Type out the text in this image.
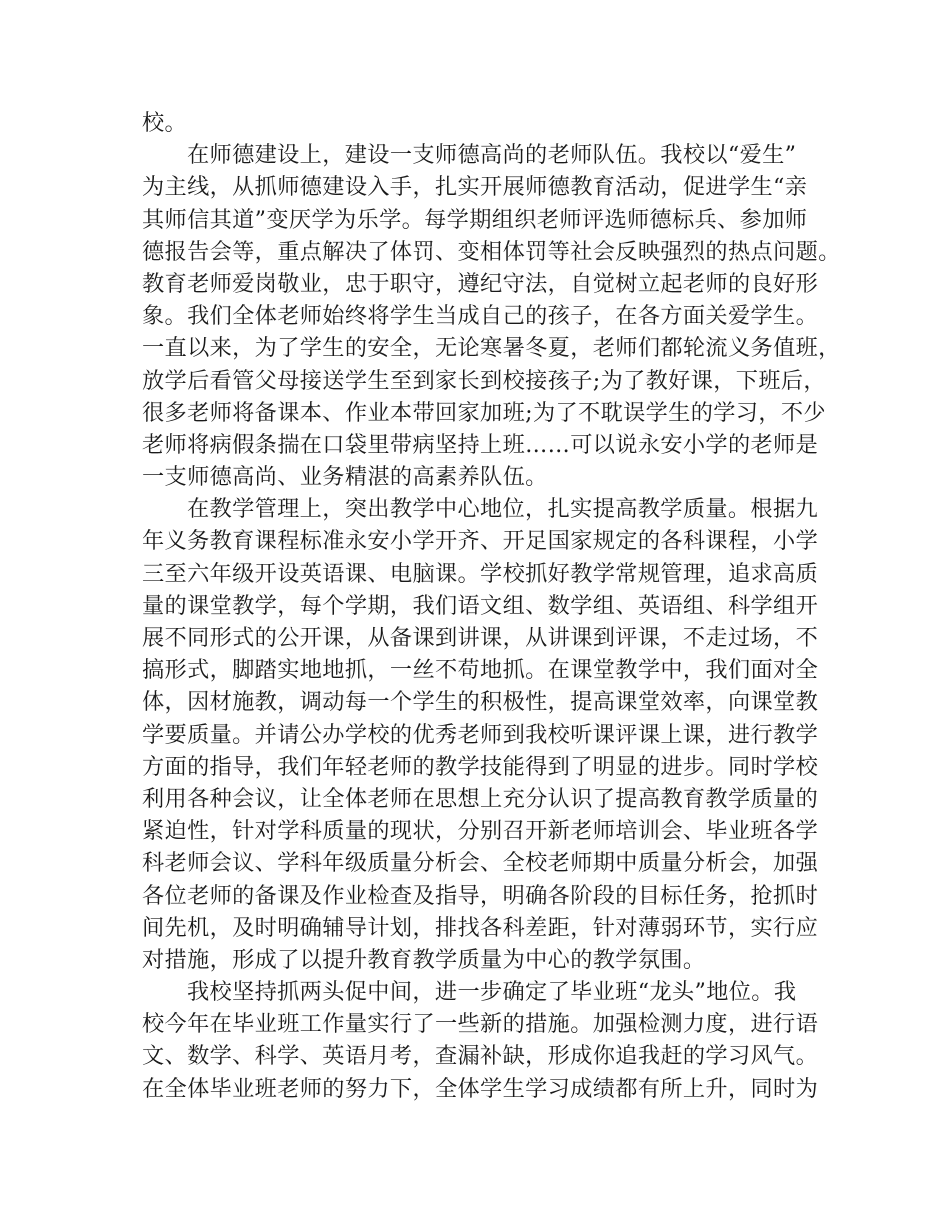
校。
在师德建设上，建设一支师德高尚的老师队伍。我校以“爱生”
为主线，从抓师德建设入手，扎实开展师德教育活动，促进学生“亲
其师信其道”变厌学为乐学。每学期组织老师评选师德标兵、参加师
德报告会等，重点解决了体罚、变相体罚等社会反映强烈的热点问题。
教育老师爱岗敬业，忠于职守，遵纪守法，自觉树立起老师的良好形
象。我们全体老师始终将学生当成自己的孩子，在各方面关爱学生。
一直以来，为了学生的安全，无论寒暑冬夏，老师们都轮流义务值班，
放学后看管父母接送学生至到家长到校接孩子;为了教好课，下班后，
很多老师将备课本、作业本带回家加班;为了不耽误学生的学习，不少
老师将病假条揣在口袋里带病坚持上班……可以说永安小学的老师是
一支师德高尚、业务精湛的高素养队伍。
在教学管理上，突出教学中心地位，扎实提高教学质量。根据九
年义务教育课程标准永安小学开齐、开足国家规定的各科课程，小学
三至六年级开设英语课、电脑课。学校抓好教学常规管理，追求高质
量的课堂教学，每个学期，我们语文组、数学组、英语组、科学组开
展不同形式的公开课，从备课到讲课，从讲课到评课，不走过场，不
搞形式，脚踏实地地抓，一丝不苟地抓。在课堂教学中，我们面对全
体，因材施教，调动每一个学生的积极性，提高课堂效率，向课堂教
学要质量。并请公办学校的优秀老师到我校听课评课上课，进行教学
方面的指导，我们年轻老师的教学技能得到了明显的进步。同时学校
利用各种会议，让全体老师在思想上充分认识了提高教育教学质量的
紧迫性，针对学科质量的现状，分别召开新老师培训会、毕业班各学
科老师会议、学科年级质量分析会、全校老师期中质量分析会，加强
各位老师的备课及作业检查及指导，明确各阶段的目标任务，抢抓时
间先机，及时明确辅导计划，排找各科差距，针对薄弱环节，实行应
对措施，形成了以提升教育教学质量为中心的教学氛围。
我校坚持抓两头促中间，进一步确定了毕业班“龙头”地位。我
校今年在毕业班工作量实行了一些新的措施。加强检测力度，进行语
文、数学、科学、英语月考，查漏补缺，形成你追我赶的学习风气。
在全体毕业班老师的努力下，全体学生学习成绩都有所上升，同时为
